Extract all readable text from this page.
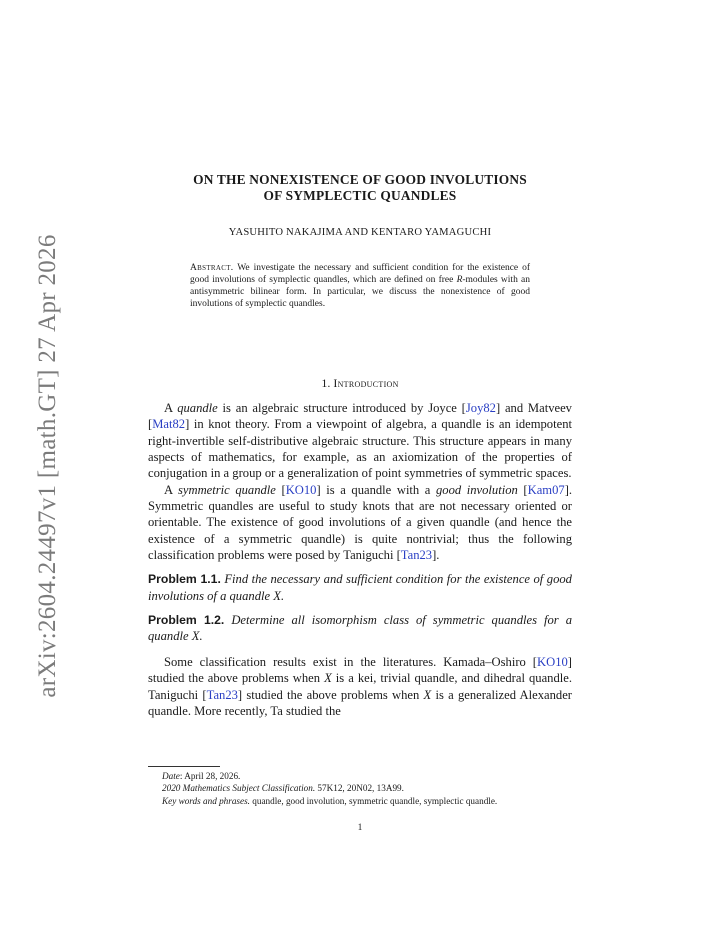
arXiv:2604.24497v1 [math.GT] 27 Apr 2026
ON THE NONEXISTENCE OF GOOD INVOLUTIONS
OF SYMPLECTIC QUANDLES
YASUHITO NAKAJIMA AND KENTARO YAMAGUCHI
Abstract. We investigate the necessary and sufficient condition for the existence of good involutions of symplectic quandles, which are defined on free R-modules with an antisymmetric bilinear form. In particular, we discuss the nonexistence of good involutions of symplectic quandles.
1. Introduction

A quandle is an algebraic structure introduced by Joyce [Joy82] and Matveev [Mat82] in knot theory. From a viewpoint of algebra, a quandle is an idempotent right-invertible self-distributive algebraic structure. This structure appears in many aspects of mathematics, for example, as an axiomization of the properties of conjugation in a group or a generalization of point symmetries of symmetric spaces.

A symmetric quandle [KO10] is a quandle with a good involution [Kam07]. Symmetric quandles are useful to study knots that are not necessary oriented or orientable. The existence of good involutions of a given quandle (and hence the existence of a symmetric quandle) is quite nontrivial; thus the following classification problems were posed by Taniguchi [Tan23].

Problem 1.1. Find the necessary and sufficient condition for the existence of good involutions of a quandle X.

Problem 1.2. Determine all isomorphism class of symmetric quandles for a quandle X.

Some classification results exist in the literatures. Kamada–Oshiro [KO10] studied the above problems when X is a kei, trivial quandle, and dihedral quandle. Taniguchi [Tan23] studied the above problems when X is a generalized Alexander quandle. More recently, Ta studied the

Date: April 28, 2026.

2020 Mathematics Subject Classification. 57K12, 20N02, 13A99.

Key words and phrases. quandle, good involution, symmetric quandle, symplectic quandle.

1
